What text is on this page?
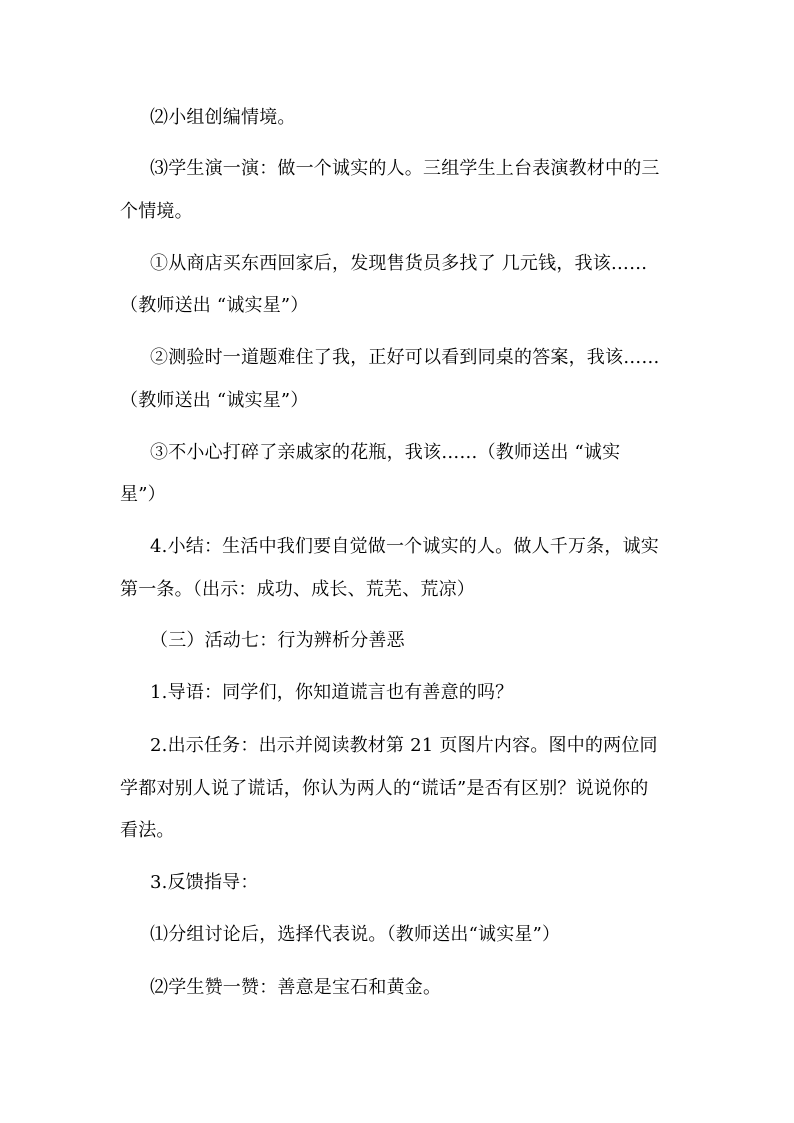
⑵小组创编情境。
⑶学生演一演：做一个诚实的人。三组学生上台表演教材中的三
个情境。
①从商店买东西回家后，发现售货员多找了 几元钱，我该……
（教师送出 “诚实星”）
②测验时一道题难住了我，正好可以看到同桌的答案，我该……
（教师送出 “诚实星”）
③不小心打碎了亲戚家的花瓶，我该……（教师送出 “诚实
星”）
4.小结：生活中我们要自觉做一个诚实的人。做人千万条，诚实
第一条。（出示：成功、成长、荒芜、荒凉）
（三）活动七：行为辨析分善恶
1.导语：同学们，你知道谎言也有善意的吗？
2.出示任务：出示并阅读教材第 21 页图片内容。图中的两位同
学都对别人说了谎话，你认为两人的“谎话”是否有区别？说说你的
看法。
3.反馈指导：
⑴分组讨论后，选择代表说。（教师送出“诚实星”）
⑵学生赞一赞：善意是宝石和黄金。
